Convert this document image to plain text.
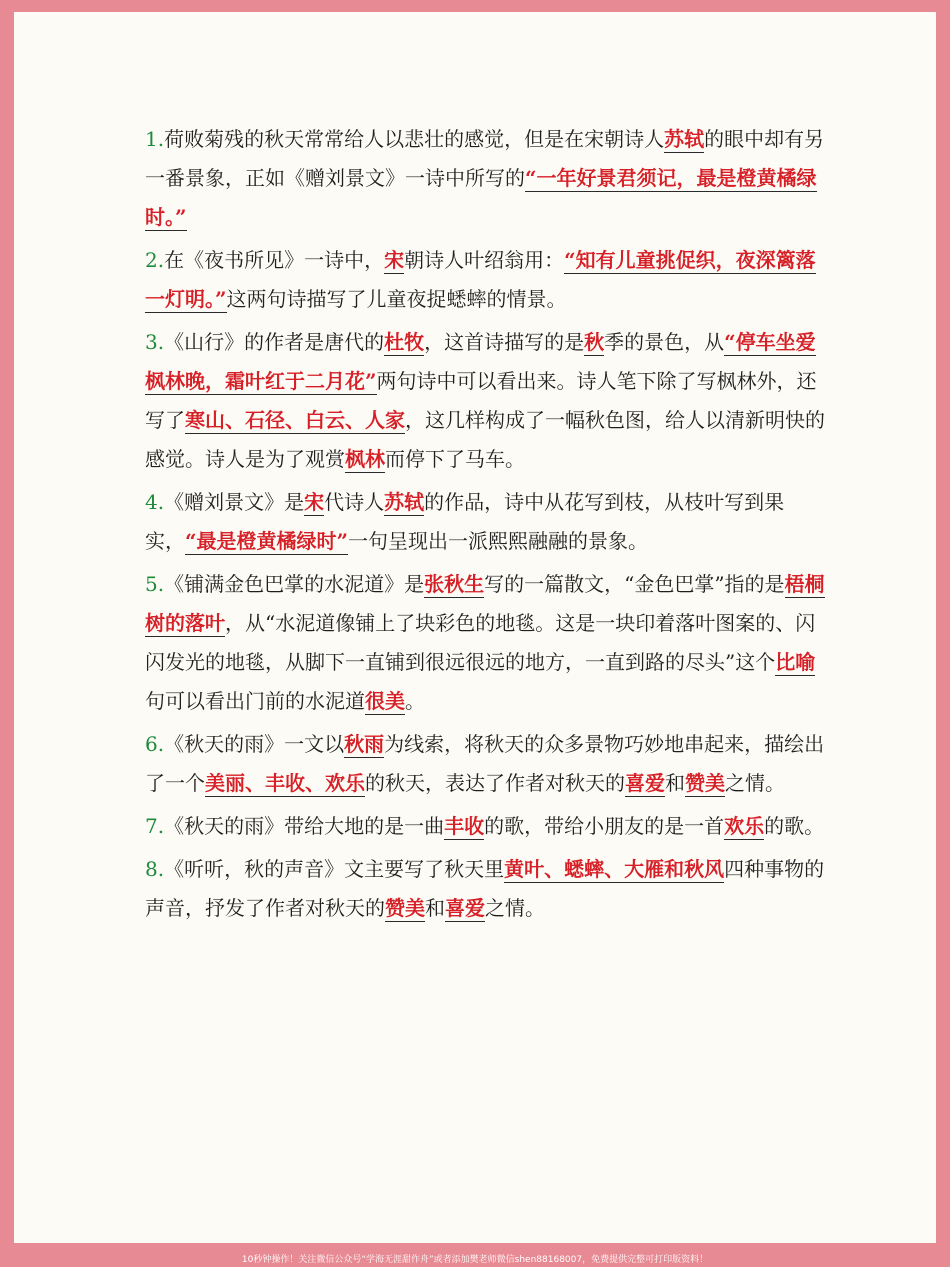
1.荷败菊残的秋天常常给人以悲壮的感觉，但是在宋朝诗人苏轼的眼中却有另一番景象，正如《赠刘景文》一诗中所写的“一年好景君须记，最是橙黄橘绿时。”
2.在《夜书所见》一诗中，宋朝诗人叶绍翁用：“知有儿童挑促织，夜深篱落一灯明。”这两句诗描写了儿童夜捉蟋蟀的情景。
3.《山行》的作者是唐代的杜牧，这首诗描写的是秋季的景色，从“停车坐爱枫林晚，霜叶红于二月花”两句诗中可以看出来。诗人笔下除了写枫林外，还写了寒山、石径、白云、人家，这几样构成了一幅秋色图，给人以清新明快的感觉。诗人是为了观赏枫林而停下了马车。
4.《赠刘景文》是宋代诗人苏轼的作品，诗中从花写到枝，从枝叶写到果实，“最是橙黄橘绿时”一句呈现出一派熙熙融融的景象。
5.《铺满金色巴掌的水泥道》是张秋生写的一篇散文，“金色巴掌”指的是梧桐树的落叶，从“水泥道像铺上了块彩色的地毯。这是一块印着落叶图案的、闪闪发光的地毯，从脚下一直铺到很远很远的地方，一直到路的尽头”这个比喻句可以看出门前的水泥道很美。
6.《秋天的雨》一文以秋雨为线索，将秋天的众多景物巧妙地串起来，描绘出了一个美丽、丰收、欢乐的秋天，表达了作者对秋天的喜爱和赞美之情。
7.《秋天的雨》带给大地的是一曲丰收的歌，带给小朋友的是一首欢乐的歌。
8.《听听，秋的声音》文主要写了秋天里黄叶、蟋蟀、大雁和秋风四种事物的声音，抒发了作者对秋天的赞美和喜爱之情。
10秒钟操作！关注微信公众号“学海无涯甜作舟”或者添加樊老师微信shen88168007，免费提供完整可打印版资料！
